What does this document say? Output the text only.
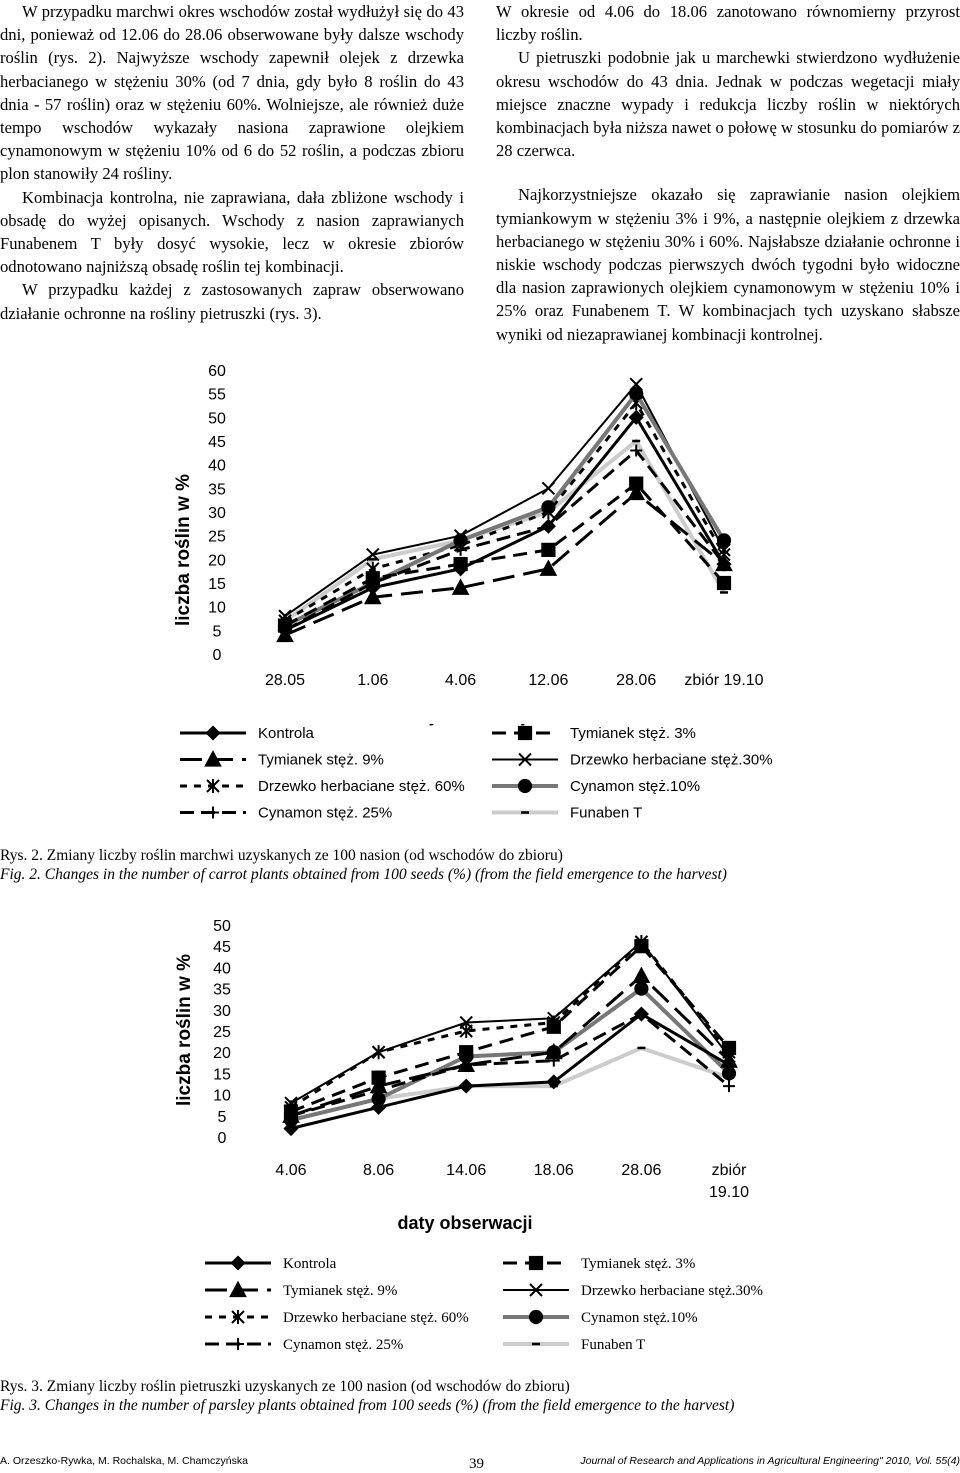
W przypadku marchwi okres wschodów został wydłużył się do 43 dni, ponieważ od 12.06 do 28.06 obserwowane były dalsze wschody roślin (rys. 2). Najwyższe wschody zapewnił olejek z drzewka herbacianego w stężeniu 30% (od 7 dnia, gdy było 8 roślin do 43 dnia - 57 roślin) oraz w stężeniu 60%. Wolniejsze, ale również duże tempo wschodów wykazały nasiona zaprawione olejkiem cynamonowym w stężeniu 10% od 6 do 52 roślin, a podczas zbioru plon stanowiły 24 rośliny.

Kombinacja kontrolna, nie zaprawiana, dała zbliżone wschody i obsadę do wyżej opisanych. Wschody z nasion zaprawianych Funabenem T były dosyć wysokie, lecz w okresie zbiorów odnotowano najniższą obsadę roślin tej kombinacji.

W przypadku każdej z zastosowanych zapraw obserwowano działanie ochronne na rośliny pietruszki (rys. 3).

W okresie od 4.06 do 18.06 zanotowano równomierny przyrost liczby roślin.

U pietruszki podobnie jak u marchewki stwierdzono wydłużenie okresu wschodów do 43 dnia. Jednak w podczas wegetacji miały miejsce znaczne wypady i redukcja liczby roślin w niektórych kombinacjach była niższa nawet o połowę w stosunku do pomiarów z 28 czerwca.

Najkorzystniejsze okazało się zaprawianie nasion olejkiem tymiankowym w stężeniu 3% i 9%, a następnie olejkiem z drzewka herbacianego w stężeniu 30% i 60%. Najsłabsze działanie ochronne i niskie wschody podczas pierwszych dwóch tygodni było widoczne dla nasion zaprawionych olejkiem cynamonowym w stężeniu 10% i 25% oraz Funabenem T. W kombinacjach tych uzyskano słabsze wyniki od niezaprawianej kombinacji kontrolnej.

liczba roślin w %
0
5
10
15
20
25
30
35
40
45
50
55
60
28.05	1.06	4.06	12.06	28.06 zbiór 19.10
Kontrola	Tymianek stęż. 3%
Tymianek stęż. 9%	Drzewko herbaciane stęż.30%
Drzewko herbaciane stęż. 60%	Cynamon stęż.10%
Cynamon stęż. 25%	Funaben T
Rys. 2. Zmiany liczby roślin marchwi uzyskanych ze 100 nasion (od wschodów do zbioru)
Fig. 2. Changes in the number of carrot plants obtained from 100 seeds (%) (from the field emergence to the harvest)
liczba roślin w %
0
5
10
15
20
25
30
35
40
45
50
4.06	8.06	14.06	18.06	28.06	zbiór
19.10
daty obserwacji
Kontrola	Tymianek stęż. 3%
Tymianek stęż. 9%	Drzewko herbaciane stęż.30%
Drzewko herbaciane stęż. 60%	Cynamon stęż.10%
Cynamon stęż. 25%	Funaben T
Rys. 3. Zmiany liczby roślin pietruszki uzyskanych ze 100 nasion (od wschodów do zbioru)
Fig. 3. Changes in the number of parsley plants obtained from 100 seeds (%) (from the field emergence to the harvest)
A. Orzeszko-Rywka, M. Rochalska, M. Chamczyńska	39	Journal of Research and Applications in Agricultural Engineering" 2010, Vol. 55(4)
